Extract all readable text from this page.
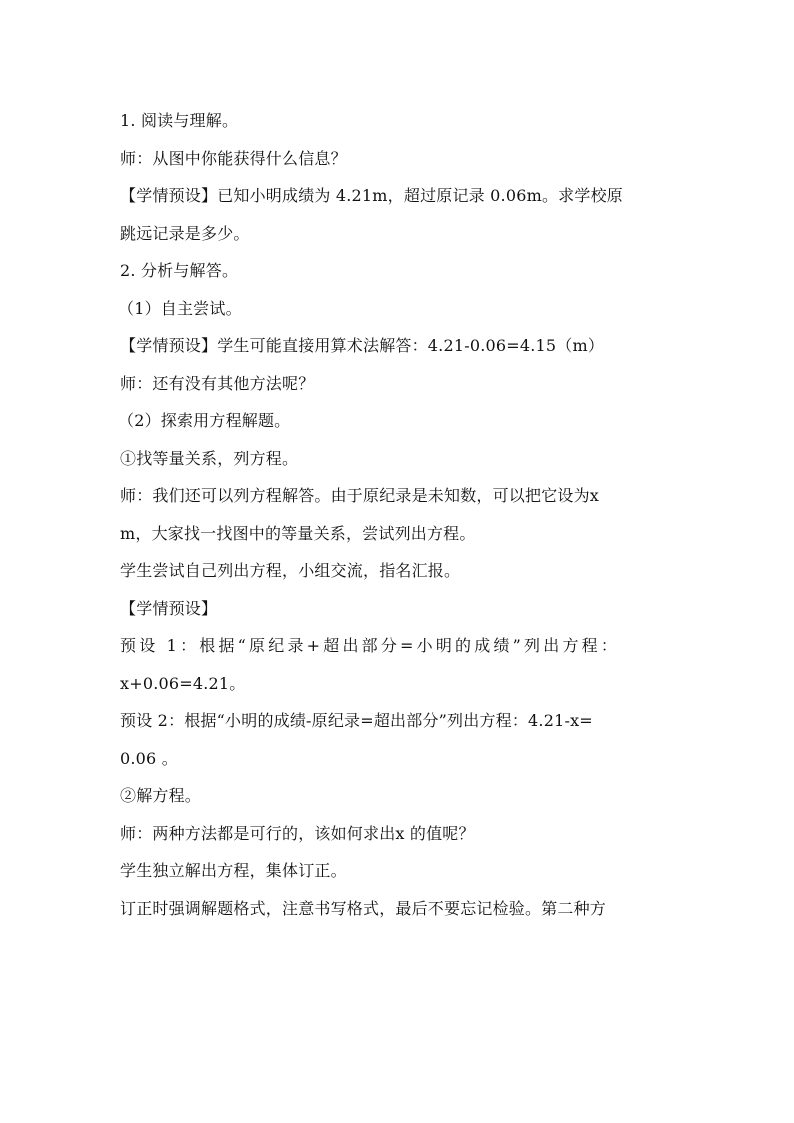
1. 阅读与理解。
师：从图中你能获得什么信息？
【学情预设】已知小明成绩为 4.21m，超过原记录 0.06m。求学校原
跳远记录是多少。
2. 分析与解答。
（1）自主尝试。
【学情预设】学生可能直接用算术法解答：4.21-0.06=4.15（m）
师：还有没有其他方法呢？
（2）探索用方程解题。
①找等量关系，列方程。
师：我们还可以列方程解答。由于原纪录是未知数，可以把它设为x
m，大家找一找图中的等量关系，尝试列出方程。
学生尝试自己列出方程，小组交流，指名汇报。
【学情预设】
预设 1：根据“原纪录+超出部分=小明的成绩”列出方程：
x+0.06=4.21。
预设 2：根据“小明的成绩-原纪录=超出部分”列出方程：4.21-x=
0.06 。
②解方程。
师：两种方法都是可行的，该如何求出x 的值呢？
学生独立解出方程，集体订正。
订正时强调解题格式，注意书写格式，最后不要忘记检验。第二种方
